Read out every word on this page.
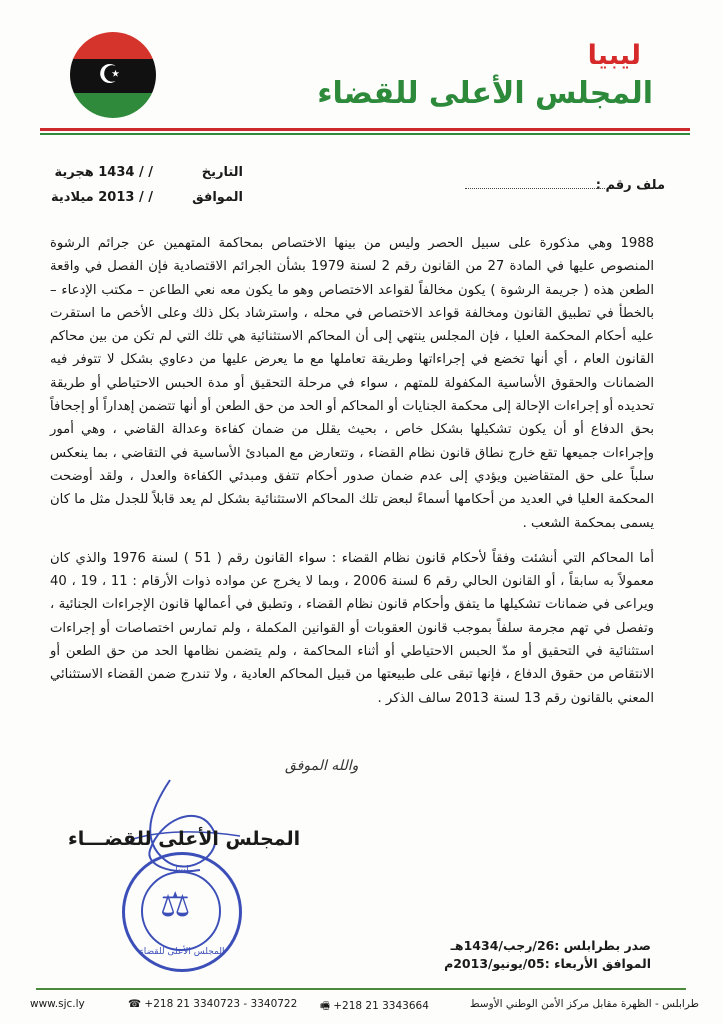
☪
ليبيا
المجلس الأعلى للقضاء
التاريخ
/ / 1434 هجرية
الموافق
/ / 2013 ميلادية
ملف رقم :

1988 وهي مذكورة على سبيل الحصر وليس من بينها الاختصاص بمحاكمة المتهمين عن جرائم الرشوة المنصوص عليها في المادة 27 من القانون رقم 2 لسنة 1979 بشأن الجرائم الاقتصادية فإن الفصل في واقعة الطعن هذه ( جريمة الرشوة ) يكون مخالفاً لقواعد الاختصاص وهو ما يكون معه نعي الطاعن – مكتب الإدعاء – بالخطأ في تطبيق القانون ومخالفة قواعد الاختصاص في محله ، واسترشاد بكل ذلك وعلى الأخص ما استقرت عليه أحكام المحكمة العليا ، فإن المجلس ينتهي إلى أن المحاكم الاستثنائية هي تلك التي لم تكن من بين محاكم القانون العام ، أي أنها تخضع في إجراءاتها وطريقة تعاملها مع ما يعرض عليها من دعاوي بشكل لا تتوفر فيه الضمانات والحقوق الأساسية المكفولة للمتهم ، سواء في مرحلة التحقيق أو مدة الحبس الاحتياطي أو طريقة تحديده أو إجراءات الإحالة إلى محكمة الجنايات أو المحاكم أو الحد من حق الطعن أو أنها تتضمن إهداراً أو إجحافاً بحق الدفاع أو أن يكون تشكيلها بشكل خاص ، بحيث يقلل من ضمان كفاءة وعدالة القاضي ، وهي أمور وإجراءات جميعها تقع خارج نطاق قانون نظام القضاء ، وتتعارض مع المبادئ الأساسية في التقاضي ، بما ينعكس سلباً على حق المتقاضين ويؤدي إلى عدم ضمان صدور أحكام تتفق ومبدئي الكفاءة والعدل ، ولقد أوضحت المحكمة العليا في العديد من أحكامها أسماءً لبعض تلك المحاكم الاستثنائية بشكل لم يعد قابلاً للجدل مثل ما كان يسمى بمحكمة الشعب .

أما المحاكم التي أنشئت وفقاً لأحكام قانون نظام القضاء : سواء القانون رقم ( 51 ) لسنة 1976 والذي كان معمولاً به سابقاً ، أو القانون الحالي رقم 6 لسنة 2006 ، وبما لا يخرج عن مواده ذوات الأرقام : 11 ، 19 ، 40 ويراعى في ضمانات تشكيلها ما يتفق وأحكام قانون نظام القضاء ، وتطبق في أعمالها قانون الإجراءات الجنائية ، وتفصل في تهم مجرمة سلفاً بموجب قانون العقوبات أو القوانين المكملة ، ولم تمارس اختصاصات أو إجراءات استثنائية في التحقيق أو مدّ الحبس الاحتياطي أو أثناء المحاكمة ، ولم يتضمن نظامها الحد من حق الطعن أو الانتقاص من حقوق الدفاع ، فإنها تبقى على طبيعتها من قبيل المحاكم العادية ، ولا تندرج ضمن القضاء الاستثنائي المعني بالقانون رقم 13 لسنة 2013 سالف الذكر .

والله الموفق
المجلس الأعلى للقضـــاء
ليبيا
⚖
المجلس الأعلى للقضاء	صدر بطرابلس :26/رجب/1434هـ
الموافق الأربعاء :05/يونيو/2013م
www.sjc.ly	☎ +218 21 3340723 - 3340722 🖷 +218 21 3343664	طرابلس - الظهرة مقابل مركز الأمن الوطني الأوسط
